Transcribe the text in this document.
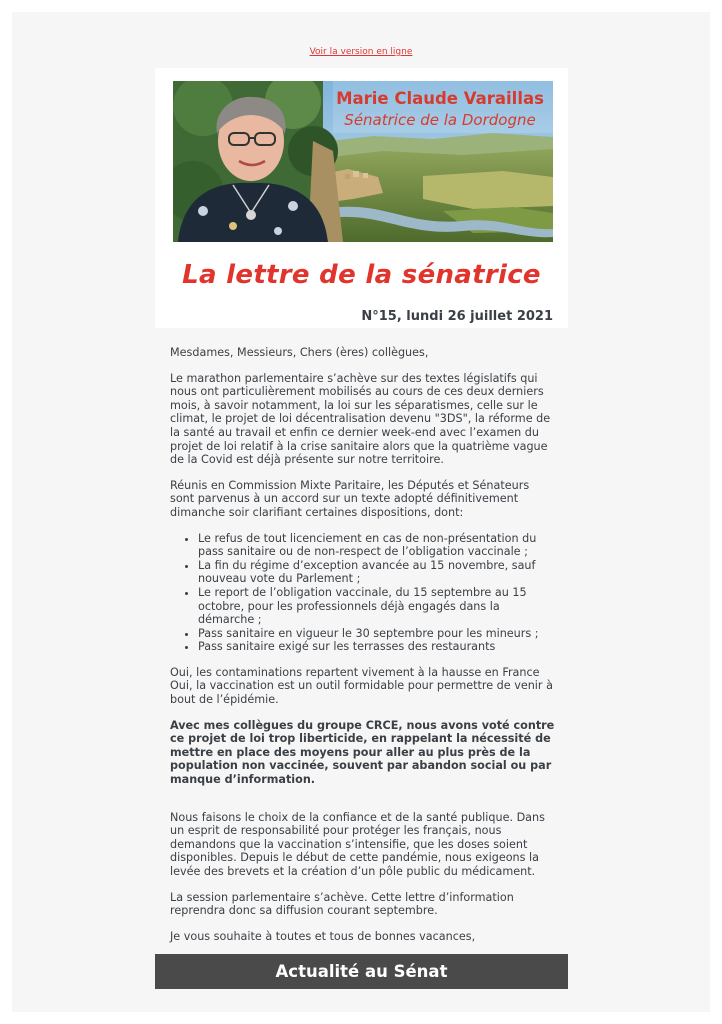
Voir la version en ligne
Marie Claude Varaillas
Sénatrice de la Dordogne
La lettre de la sénatrice
N°15, lundi 26 juillet 2021

Mesdames, Messieurs, Chers (ères) collègues,

Le marathon parlementaire s’achève sur des textes législatifs qui nous ont particulièrement mobilisés au cours de ces deux derniers mois, à savoir notamment, la loi sur les séparatismes, celle sur le climat, le projet de loi décentralisation devenu "3DS", la réforme de la santé au travail et enfin ce dernier week-end avec l’examen du projet de loi relatif à la crise sanitaire alors que la quatrième vague de la Covid est déjà présente sur notre territoire.

Réunis en Commission Mixte Paritaire, les Députés et Sénateurs sont parvenus à un accord sur un texte adopté définitivement dimanche soir clarifiant certaines dispositions, dont:

• Le refus de tout licenciement en cas de non-présentation du pass sanitaire ou de non-respect de l’obligation vaccinale ;
• La fin du régime d’exception avancée au 15 novembre, sauf nouveau vote du Parlement ;
• Le report de l’obligation vaccinale, du 15 septembre au 15 octobre, pour les professionnels déjà engagés dans la démarche ;
• Pass sanitaire en vigueur le 30 septembre pour les mineurs ;
• Pass sanitaire exigé sur les terrasses des restaurants

Oui, les contaminations repartent vivement à la hausse en France
Oui, la vaccination est un outil formidable pour permettre de venir à bout de l’épidémie.

Avec mes collègues du groupe CRCE, nous avons voté contre ce projet de loi trop liberticide, en rappelant la nécessité de mettre en place des moyens pour aller au plus près de la population non vaccinée, souvent par abandon social ou par manque d’information.

Nous faisons le choix de la confiance et de la santé publique. Dans un esprit de responsabilité pour protéger les français, nous demandons que la vaccination s’intensifie, que les doses soient disponibles. Depuis le début de cette pandémie, nous exigeons la levée des brevets et la création d’un pôle public du médicament.

La session parlementaire s’achève. Cette lettre d’information reprendra donc sa diffusion courant septembre.

Je vous souhaite à toutes et tous de bonnes vacances,

Actualité au Sénat
